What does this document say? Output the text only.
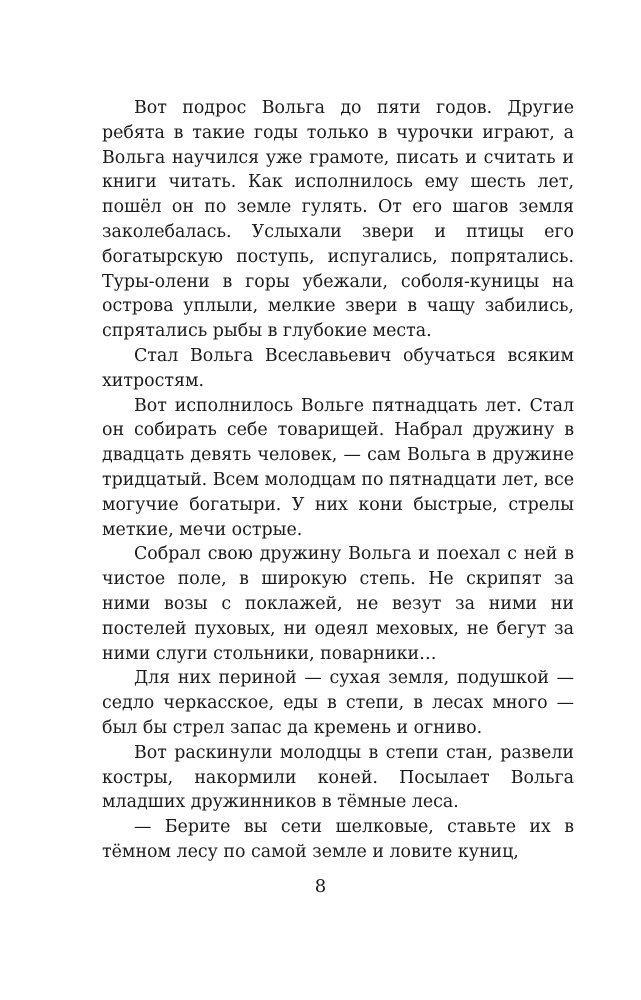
Вот подрос Вольга до пяти годов. Другие ребята в такие годы только в чурочки играют, а Вольга научился уже грамоте, писать и считать и книги читать. Как исполнилось ему шесть лет, пошёл он по земле гулять. От его шагов земля заколебалась. Услыхали звери и птицы его богатырскую поступь, испугались, попрятались. Туры-олени в горы убежали, соболя-куницы на острова уплыли, мелкие звери в чащу забились, спрятались рыбы в глубокие места.

Стал Вольга Всеславьевич обучаться всяким хитростям.

Вот исполнилось Вольге пятнадцать лет. Стал он собирать себе товарищей. Набрал дружину в двадцать девять человек, — сам Вольга в дружине тридцатый. Всем молодцам по пятнадцати лет, все могучие богатыри. У них кони быстрые, стрелы меткие, мечи острые.

Собрал свою дружину Вольга и поехал с ней в чистое поле, в широкую степь. Не скрипят за ними возы с поклажей, не везут за ними ни постелей пуховых, ни одеял меховых, не бегут за ними слуги стольники, поварники…

Для них периной — сухая земля, подушкой — седло черкасское, еды в степи, в лесах много — был бы стрел запас да кремень и огниво.

Вот раскинули молодцы в степи стан, развели костры, накормили коней. Посылает Вольга младших дружинников в тёмные леса.

— Берите вы сети шелковые, ставьте их в тёмном лесу по самой земле и ловите куниц,

8
